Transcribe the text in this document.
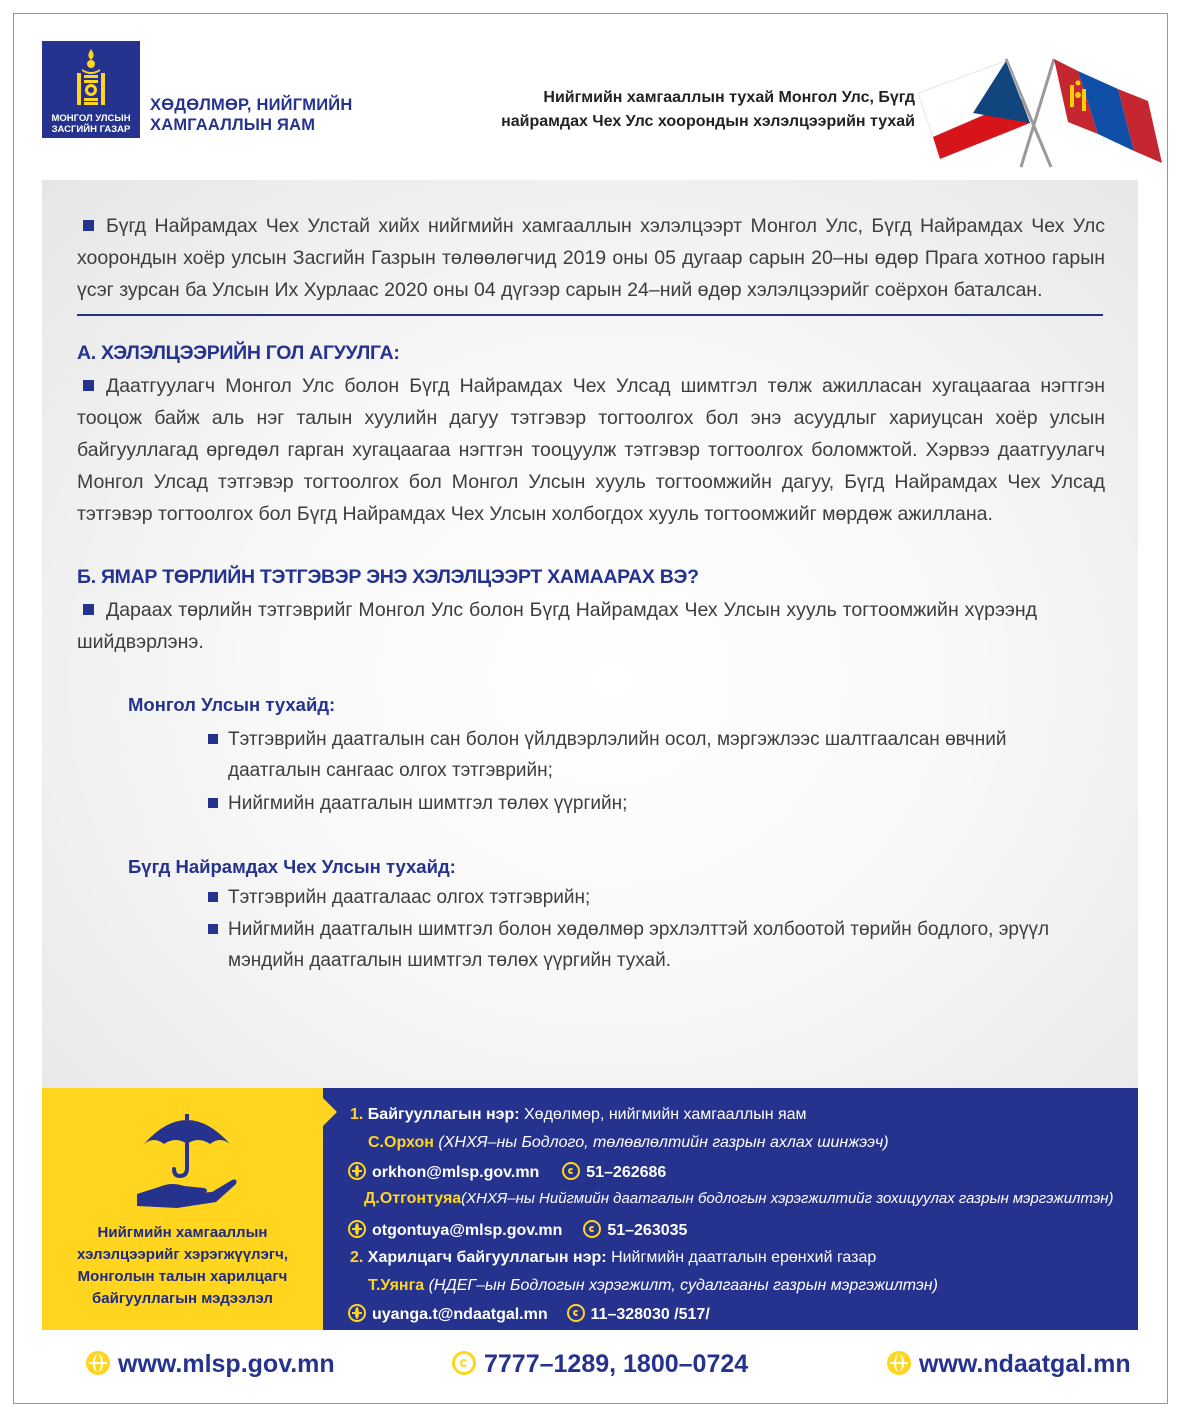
МОНГОЛ УЛСЫН
ЗАСГИЙН ГАЗАР
ХӨДӨЛМӨР, НИЙГМИЙН
ХАМГААЛЛЫН ЯАМ
Нийгмийн хамгааллын тухай Монгол Улс, Бүгд
найрамдах Чех Улс хоорондын хэлэлцээрийн тухай
Бүгд Найрамдах Чех Улстай хийх нийгмийн хамгааллын хэлэлцээрт Монгол Улс, Бүгд Найрамдах Чех Улс хоорондын хоёр улсын Засгийн Газрын төлөөлөгчид 2019 оны 05 дугаар сарын 20–ны өдөр Прага хотноо гарын үсэг зурсан ба Улсын Их Хурлаас 2020 оны 04 дүгээр сарын 24–ний өдөр хэлэлцээрийг соёрхон баталсан.
А. ХЭЛЭЛЦЭЭРИЙН ГОЛ АГУУЛГА:
Даатгуулагч Монгол Улс болон Бүгд Найрамдах Чех Улсад шимтгэл төлж ажилласан хугацаагаа нэгтгэн тооцож байж аль нэг талын хуулийн дагуу тэтгэвэр тогтоолгох бол энэ асуудлыг хариуцсан хоёр улсын байгууллагад өргөдөл гарган хугацаагаа нэгтгэн тооцуулж тэтгэвэр тогтоолгох боломжтой. Хэрвээ даатгуулагч Монгол Улсад тэтгэвэр тогтоолгох бол Монгол Улсын хууль тогтоомжийн дагуу, Бүгд Найрамдах Чех Улсад тэтгэвэр тогтоолгох бол Бүгд Найрамдах Чех Улсын холбогдох хууль тогтоомжийг мөрдөж ажиллана.
Б. ЯМАР ТӨРЛИЙН ТЭТГЭВЭР ЭНЭ ХЭЛЭЛЦЭЭРТ ХАМААРАХ ВЭ?
Дараах төрлийн тэтгэврийг Монгол Улс болон Бүгд Найрамдах Чех Улсын хууль тогтоомжийн хүрээнд шийдвэрлэнэ.
Монгол Улсын тухайд:
Тэтгэврийн даатгалын сан болон үйлдвэрлэлийн осол, мэргэжлээс шалтгаалсан өвчний даатгалын сангаас олгох тэтгэврийн;
Нийгмийн даатгалын шимтгэл төлөх үүргийн;
Бүгд Найрамдах Чех Улсын тухайд:
Тэтгэврийн даатгалаас олгох тэтгэврийн;
Нийгмийн даатгалын шимтгэл болон хөдөлмөр эрхлэлттэй холбоотой төрийн бодлого, эрүүл мэндийн даатгалын шимтгэл төлөх үүргийн тухай.
Нийгмийн хамгааллын
хэлэлцээрийг хэрэгжүүлэгч,
Монголын талын харилцагч
байгууллагын мэдээлэл
1. Байгууллагын нэр: Хөдөлмөр, нийгмийн хамгааллын яам
С.Орхон (ХНХЯ–ны Бодлого, төлөвлөлтийн газрын ахлах шинжээч)
orkhon@mlsp.gov.mn	51–262686
Д.Отгонтуяа(ХНХЯ–ны Нийгмийн даатгалын бодлогын хэрэгжилтийг зохицуулах газрын мэргэжилтэн)
otgontuya@mlsp.gov.mn	51–263035
2. Харилцагч байгууллагын нэр: Нийгмийн даатгалын ерөнхий газар
Т.Уянга (НДЕГ–ын Бодлогын хэрэгжилт, судалгааны газрын мэргэжилтэн)
uyanga.t@ndaatgal.mn	11–328030 /517/
www.mlsp.gov.mn	7777–1289, 1800–0724	www.ndaatgal.mn
